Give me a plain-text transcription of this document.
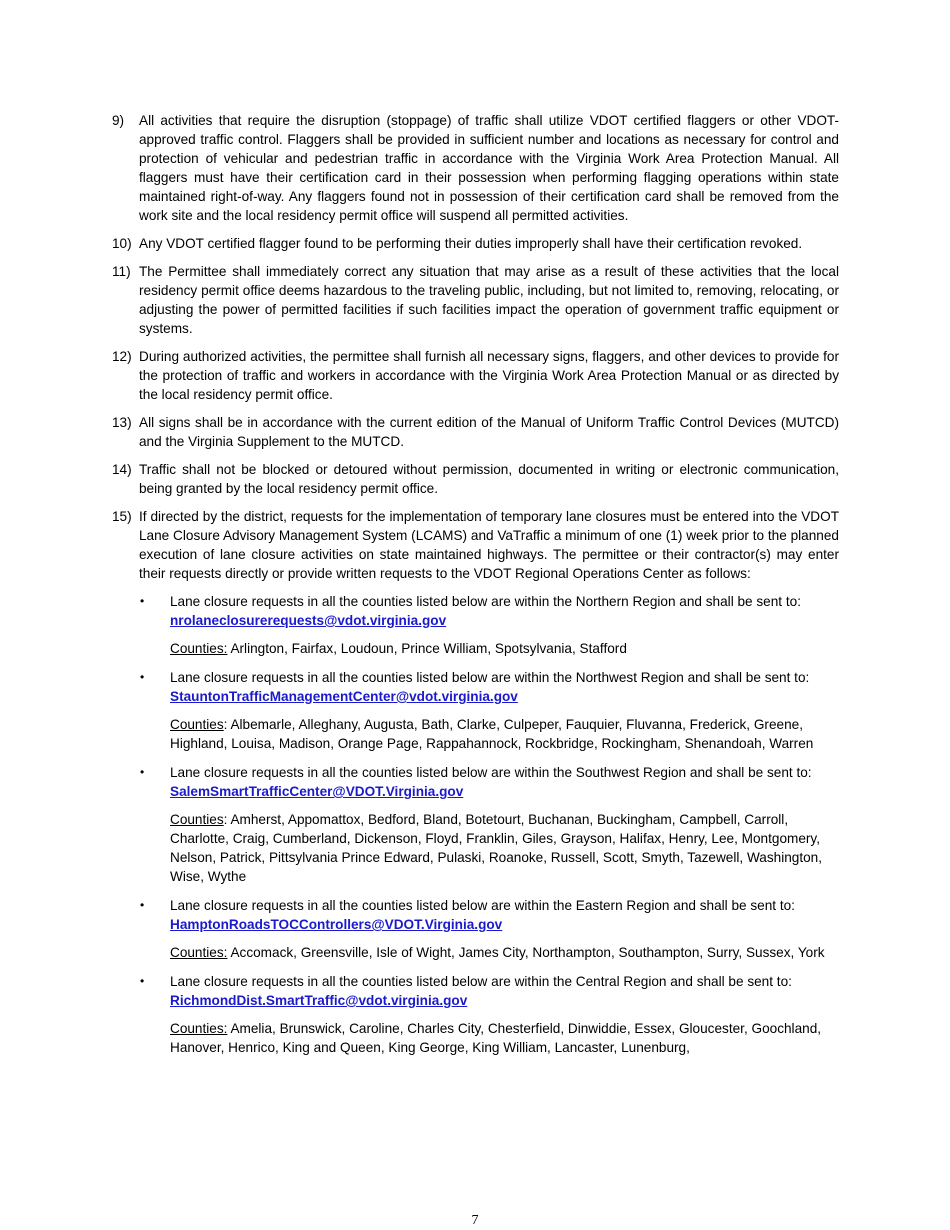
9)	All activities that require the disruption (stoppage) of traffic shall utilize VDOT certified flaggers or other VDOT-approved traffic control. Flaggers shall be provided in sufficient number and locations as necessary for control and protection of vehicular and pedestrian traffic in accordance with the Virginia Work Area Protection Manual. All flaggers must have their certification card in their possession when performing flagging operations within state maintained right-of-way. Any flaggers found not in possession of their certification card shall be removed from the work site and the local residency permit office will suspend all permitted activities.
10) Any VDOT certified flagger found to be performing their duties improperly shall have their certification revoked.
11) The Permittee shall immediately correct any situation that may arise as a result of these activities that the local residency permit office deems hazardous to the traveling public, including, but not limited to, removing, relocating, or adjusting the power of permitted facilities if such facilities impact the operation of government traffic equipment or systems.
12) During authorized activities, the permittee shall furnish all necessary signs, flaggers, and other devices to provide for the protection of traffic and workers in accordance with the Virginia Work Area Protection Manual or as directed by the local residency permit office.
13) All signs shall be in accordance with the current edition of the Manual of Uniform Traffic Control Devices (MUTCD) and the Virginia Supplement to the MUTCD.
14) Traffic shall not be blocked or detoured without permission, documented in writing or electronic communication, being granted by the local residency permit office.
15) If directed by the district, requests for the implementation of temporary lane closures must be entered into the VDOT Lane Closure Advisory Management System (LCAMS) and VaTraffic a minimum of one (1) week prior to the planned execution of lane closure activities on state maintained highways. The permittee or their contractor(s) may enter their requests directly or provide written requests to the VDOT Regional Operations Center as follows:
•	Lane closure requests in all the counties listed below are within the Northern Region and shall be sent to: nrolaneclosurerequests@vdot.virginia.gov
Counties: Arlington, Fairfax, Loudoun, Prince William, Spotsylvania, Stafford
•	Lane closure requests in all the counties listed below are within the Northwest Region and shall be sent to:  StauntonTrafficManagementCenter@vdot.virginia.gov
Counties: Albemarle, Alleghany, Augusta, Bath, Clarke, Culpeper, Fauquier, Fluvanna, Frederick, Greene, Highland, Louisa, Madison, Orange Page, Rappahannock, Rockbridge, Rockingham, Shenandoah, Warren
•	Lane closure requests in all the counties listed below are within the Southwest Region and shall be sent to:  SalemSmartTrafficCenter@VDOT.Virginia.gov
Counties: Amherst, Appomattox, Bedford, Bland, Botetourt, Buchanan, Buckingham, Campbell, Carroll, Charlotte, Craig, Cumberland, Dickenson, Floyd, Franklin, Giles, Grayson, Halifax, Henry, Lee, Montgomery, Nelson, Patrick, Pittsylvania Prince Edward, Pulaski, Roanoke, Russell, Scott, Smyth, Tazewell, Washington, Wise, Wythe
•	Lane closure requests in all the counties listed below are within the Eastern Region and shall be sent to: HamptonRoadsTOCControllers@VDOT.Virginia.gov
Counties: Accomack, Greensville, Isle of Wight, James City, Northampton, Southampton, Surry, Sussex, York
•	Lane closure requests in all the counties listed below are within the Central Region and shall be sent to: RichmondDist.SmartTraffic@vdot.virginia.gov
Counties: Amelia, Brunswick, Caroline, Charles City, Chesterfield, Dinwiddie, Essex, Gloucester, Goochland, Hanover, Henrico, King and Queen, King George, King William, Lancaster, Lunenburg,
7
